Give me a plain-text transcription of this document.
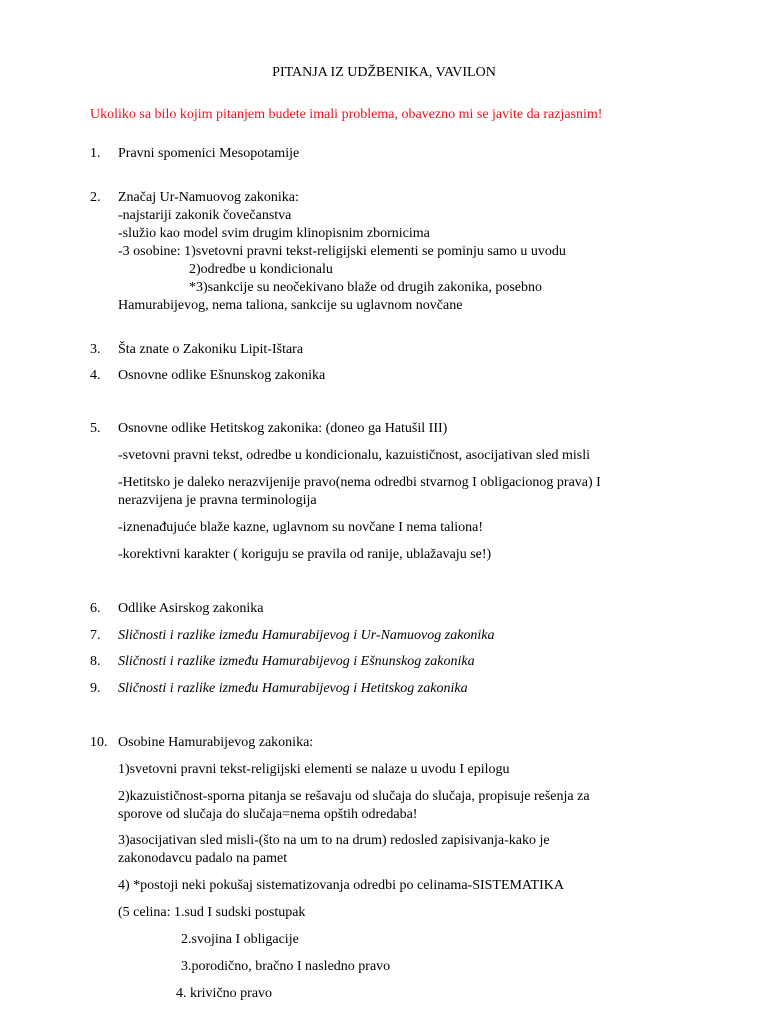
PITANJA IZ UDŽBENIKA, VAVILON
Ukoliko sa bilo kojim pitanjem budete imali problema, obavezno mi se javite da razjasnim!
1. Pravni spomenici Mesopotamije
2. Značaj Ur-Namuovog zakonika:
-najstariji zakonik čovečanstva
-služio kao model svim drugim klinopisnim zbornicima
-3 osobine: 1)svetovni pravni tekst-religijski elementi se pominju samo u uvodu
2)odredbe u kondicionalu
*3)sankcije su neočekivano blaže od drugih zakonika, posebno
Hamurabijevog, nema taliona, sankcije su uglavnom novčane
3. Šta znate o Zakoniku Lipit-Ištara
4. Osnovne odlike Ešnunskog zakonika
5. Osnovne odlike Hetitskog zakonika: (doneo ga Hatušil III)
-svetovni pravni tekst, odredbe u kondicionalu, kazuističnost, asocijativan sled misli
-Hetitsko je daleko nerazvijenije pravo(nema odredbi stvarnog I obligacionog prava) I
nerazvijena je pravna terminologija
-iznenađujuće blaže kazne, uglavnom su novčane I nema taliona!
-korektivni karakter ( koriguju se pravila od ranije, ublažavaju se!)
6. Odlike Asirskog zakonika
7. Sličnosti i razlike između Hamurabijevog i Ur-Namuovog zakonika
8. Sličnosti i razlike između Hamurabijevog i Ešnunskog zakonika
9. Sličnosti i razlike između Hamurabijevog i Hetitskog zakonika
10. Osobine Hamurabijevog zakonika:
1)svetovni pravni tekst-religijski elementi se nalaze u uvodu I epilogu
2)kazuističnost-sporna pitanja se rešavaju od slučaja do slučaja, propisuje rešenja za
sporove od slučaja do slučaja=nema opštih odredaba!
3)asocijativan sled misli-(što na um to na drum) redosled zapisivanja-kako je
zakonodavcu padalo na pamet
4) *postoji neki pokušaj sistematizovanja odredbi po celinama-SISTEMATIKA
(5 celina: 1.sud I sudski postupak
2.svojina I obligacije
3.porodično, bračno I nasledno pravo
4. krivično pravo
